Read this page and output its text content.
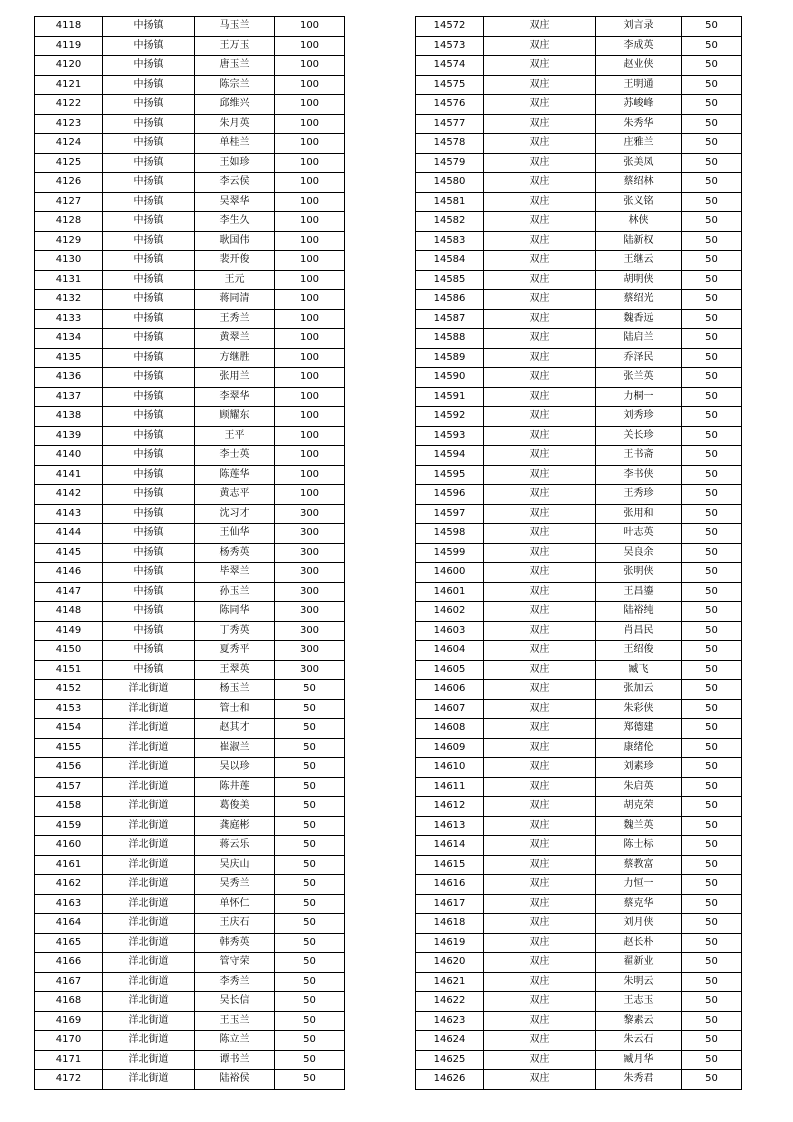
4118	中扬镇	马玉兰	100
4119	中扬镇	王万玉	100
4120	中扬镇	唐玉兰	100
4121	中扬镇	陈宗兰	100
4122	中扬镇	邱维兴	100
4123	中扬镇	朱月英	100
4124	中扬镇	单桂兰	100
4125	中扬镇	王如珍	100
4126	中扬镇	李云侯	100
4127	中扬镇	吴翠华	100
4128	中扬镇	李生久	100
4129	中扬镇	耿国伟	100
4130	中扬镇	裴开俊	100
4131	中扬镇	王元	100
4132	中扬镇	蒋同清	100
4133	中扬镇	王秀兰	100
4134	中扬镇	黄翠兰	100
4135	中扬镇	方继胜	100
4136	中扬镇	张用兰	100
4137	中扬镇	李翠华	100
4138	中扬镇	顾耀东	100
4139	中扬镇	王平	100
4140	中扬镇	李士英	100
4141	中扬镇	陈莲华	100
4142	中扬镇	黄志平	100
4143	中扬镇	沈习才	300
4144	中扬镇	王仙华	300
4145	中扬镇	杨秀英	300
4146	中扬镇	毕翠兰	300
4147	中扬镇	孙玉兰	300
4148	中扬镇	陈同华	300
4149	中扬镇	丁秀英	300
4150	中扬镇	夏秀平	300
4151	中扬镇	王翠英	300
4152	洋北街道	杨玉兰	50
4153	洋北街道	管士和	50
4154	洋北街道	赵其才	50
4155	洋北街道	崔淑兰	50
4156	洋北街道	吴以珍	50
4157	洋北街道	陈井莲	50
4158	洋北街道	葛俊美	50
4159	洋北街道	龚庭彬	50
4160	洋北街道	蒋云乐	50
4161	洋北街道	吴庆山	50
4162	洋北街道	吴秀兰	50
4163	洋北街道	单怀仁	50
4164	洋北街道	王庆石	50
4165	洋北街道	韩秀英	50
4166	洋北街道	管守荣	50
4167	洋北街道	李秀兰	50
4168	洋北街道	吴长信	50
4169	洋北街道	王玉兰	50
4170	洋北街道	陈立兰	50
4171	洋北街道	谭书兰	50
4172	洋北街道	陆裕侯	50
14572	双庄	刘言录	50
14573	双庄	李成英	50
14574	双庄	赵业侠	50
14575	双庄	王明通	50
14576	双庄	苏峻峰	50
14577	双庄	朱秀华	50
14578	双庄	庄雅兰	50
14579	双庄	张美凤	50
14580	双庄	蔡绍林	50
14581	双庄	张义铭	50
14582	双庄	林侠	50
14583	双庄	陆新权	50
14584	双庄	王继云	50
14585	双庄	胡明侠	50
14586	双庄	蔡绍光	50
14587	双庄	魏香远	50
14588	双庄	陆启兰	50
14589	双庄	乔泽民	50
14590	双庄	张兰英	50
14591	双庄	力桐一	50
14592	双庄	刘秀珍	50
14593	双庄	关长珍	50
14594	双庄	王书斋	50
14595	双庄	李书侠	50
14596	双庄	王秀珍	50
14597	双庄	张用和	50
14598	双庄	叶志英	50
14599	双庄	吴良余	50
14600	双庄	张明侠	50
14601	双庄	王昌鎏	50
14602	双庄	陆裕纯	50
14603	双庄	肖昌民	50
14604	双庄	王绍俊	50
14605	双庄	臧飞	50
14606	双庄	张加云	50
14607	双庄	朱彩侠	50
14608	双庄	郑德建	50
14609	双庄	康绪伦	50
14610	双庄	刘素珍	50
14611	双庄	朱启英	50
14612	双庄	胡克荣	50
14613	双庄	魏兰英	50
14614	双庄	陈士标	50
14615	双庄	蔡教富	50
14616	双庄	力恒一	50
14617	双庄	蔡克华	50
14618	双庄	刘月侠	50
14619	双庄	赵长朴	50
14620	双庄	翟新业	50
14621	双庄	朱明云	50
14622	双庄	王志玉	50
14623	双庄	黎素云	50
14624	双庄	朱云石	50
14625	双庄	臧月华	50
14626	双庄	朱秀君	50
